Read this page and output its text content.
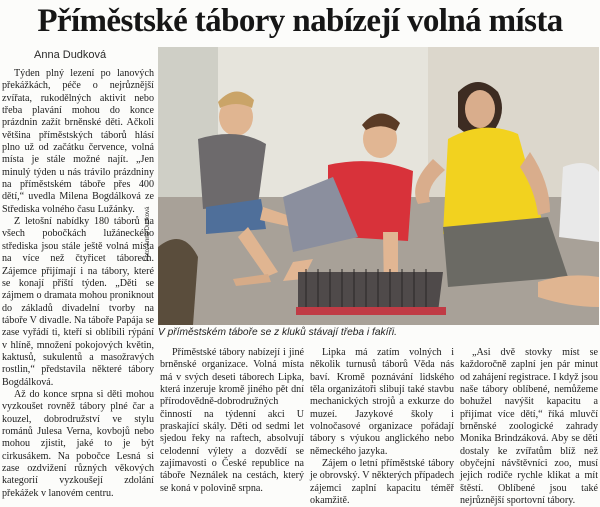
Příměstské tábory nabízejí volná místa
Anna Dudková
Foto: Anna Dudková
V příměstském táboře se z kluků stávají třeba i fakíři.

Týden plný lezení po lanových překážkách, péče o nejrůznější zvířata, rukodělných aktivit nebo třeba plavání mohou do konce prázdnin zažít brněnské děti. Ačkoli většina příměstských táborů hlásí plno už od začátku července, volná místa je stále možné najít. „Jen minulý týden u nás trávilo prázdniny na příměstském táboře přes 400 dětí,“ uvedla Milena Bogdálková ze Střediska volného času Lužánky.

Z letošní nabídky 180 táborů na všech pobočkách lužáneckého střediska jsou stále ještě volná místa na více než čtyřicet táborech. Zájemce přijímají i na tábory, které se konají příští týden. „Děti se zájmem o dramata mohou proniknout do základů divadelní tvorby na táboře V divadle. Na táboře Papája se zase vyřádí ti, kteří si oblíbili rýpání v hlíně, množení pokojových květin, kaktusů, sukulentů a masožravých rostlin,“ představila některé tábory Bogdálková.

Až do konce srpna si děti mohou vyzkoušet rovněž tábory plné čar a kouzel, dobrodružství ve stylu románů Julesa Verna, kovbojů nebo mohou zjistit, jaké to je být cirkusákem. Na pobočce Lesná si zase ozdvižení různých věkových kategorií vyzkoušejí zdolání překážek v lanovém centru.

Příměstské tábory nabízejí i jiné brněnské organizace. Volná místa má v svých deseti táborech Lipka, která inzeruje kromě jiného pět dní přírodovědně-dobrodružných činností na týdenní akci U praskající skály. Děti od sedmi let sjedou řeky na raftech, absolvují celodenní výlety a dozvědí se zajímavosti o České republice na táboře Neználek na cestách, který se koná v polovině srpna.

Lipka má zatím volných i několik turnusů táborů Věda nás baví. Kromě poznávání lidského těla organizátoři slibují také stavbu mechanických strojů a exkurze do muzeí. Jazykové školy i volnočasové organizace pořádají tábory s výukou anglického nebo německého jazyka.

Zájem o letní příměstské tábory je obrovský. V některých případech zájemci zaplní kapacitu téměř okamžitě.

„Asi dvě stovky míst se každoročně zaplní jen pár minut od zahájení registrace. I když jsou naše tábory oblíbené, nemůžeme bohužel navýšit kapacitu a přijímat více dětí,“ říká mluvčí brněnské zoologické zahrady Monika Brindzáková. Aby se děti dostaly ke zvířatům blíž než obyčejní návštěvníci zoo, musí jejich rodiče rychle klikat a mít štěstí. Oblíbené jsou také nejrůznější sportovní tábory.
